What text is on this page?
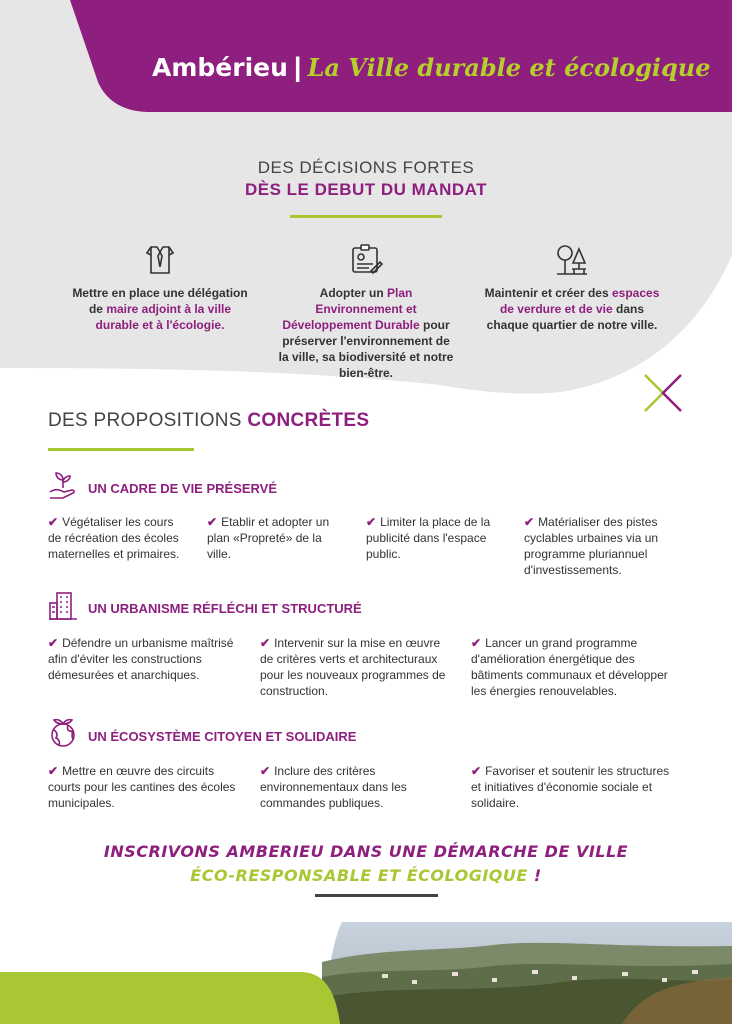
Ambérieu | La Ville durable et écologique
DES DÉCISIONS FORTES
DÈS LE DEBUT DU MANDAT
Mettre en place une délégation de maire adjoint à la ville durable et à l'écologie.
Adopter un Plan Environnement et Développement Durable pour préserver l'environnement de la ville, sa biodiversité et notre bien-être.
Maintenir et créer des espaces de verdure et de vie dans chaque quartier de notre ville.
DES PROPOSITIONS CONCRÈTES
UN CADRE DE VIE PRÉSERVÉ
✔ Végétaliser les cours de récréation des écoles maternelles et primaires.
✔ Etablir et adopter un plan «Propreté» de la ville.
✔ Limiter la place de la publicité dans l'espace public.
✔ Matérialiser des pistes cyclables urbaines via un programme pluriannuel d'investissements.
UN URBANISME RÉFLÉCHI ET STRUCTURÉ
✔ Défendre un urbanisme maîtrisé afin d'éviter les constructions démesurées et anarchiques.
✔ Intervenir sur la mise en œuvre de critères verts et architecturaux pour les nouveaux programmes de construction.
✔ Lancer un grand programme d'amélioration énergétique des bâtiments communaux et développer les énergies renouvelables.
UN ÉCOSYSTÈME CITOYEN ET SOLIDAIRE
✔ Mettre en œuvre des circuits courts pour les cantines des écoles municipales.
✔ Inclure des critères environnementaux dans les commandes publiques.
✔ Favoriser et soutenir les structures et initiatives d'économie sociale et solidaire.
INSCRIVONS AMBERIEU DANS UNE DÉMARCHE DE VILLE
ÉCO-RESPONSABLE ET ÉCOLOGIQUE !
